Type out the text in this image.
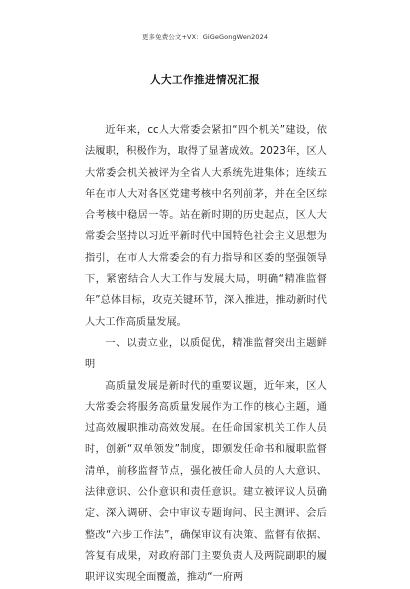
更多免费公文+VX：GiGeGongWen2024
人大工作推进情况汇报

近年来，cc人大常委会紧扣“四个机关”建设，依法履职，积极作为，取得了显著成效。2023年，区人大常委会机关被评为全省人大系统先进集体；连续五年在市人大对各区党建考核中名列前茅，并在全区综合考核中稳居一等。站在新时期的历史起点，区人大常委会坚持以习近平新时代中国特色社会主义思想为指引，在市人大常委会的有力指导和区委的坚强领导下，紧密结合人大工作与发展大局，明确“精准监督年”总体目标，攻克关键环节，深入推进，推动新时代人大工作高质量发展。

一、以责立业，以质促优，精准监督突出主题鲜明

高质量发展是新时代的重要议题，近年来，区人大常委会将服务高质量发展作为工作的核心主题，通过高效履职推动高效发展。在任命国家机关工作人员时，创新“双单领发”制度，即颁发任命书和履职监督清单，前移监督节点，强化被任命人员的人大意识、法律意识、公仆意识和责任意识。建立被评议人员确定、深入调研、会中审议专题询问、民主测评、会后整改“六步工作法”，确保审议有决策、监督有依据、答复有成果，对政府部门主要负责人及两院副职的履职评议实现全面覆盖，推动“一府两
